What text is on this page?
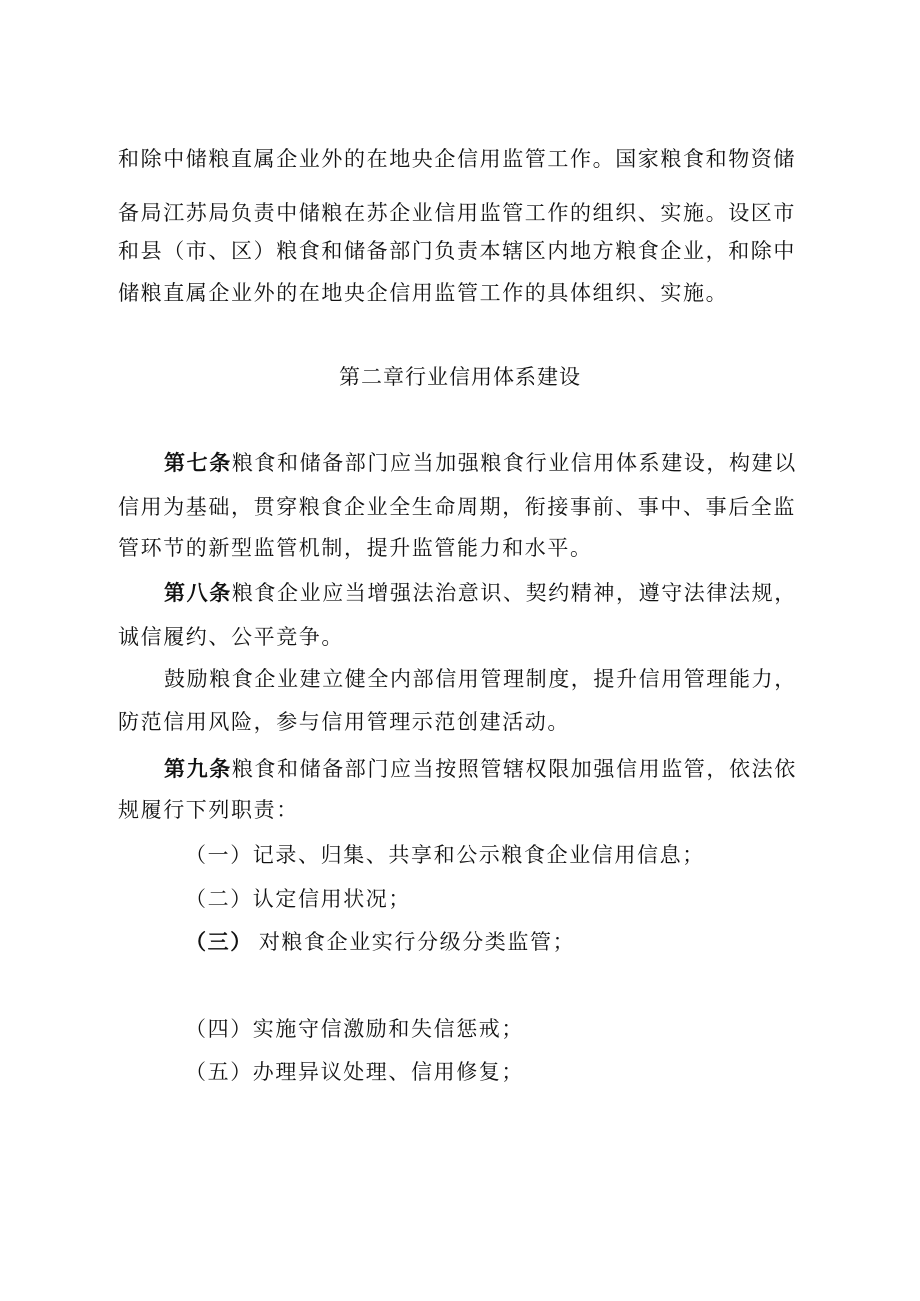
和除中储粮直属企业外的在地央企信用监管工作。国家粮食和物资储
备局江苏局负责中储粮在苏企业信用监管工作的组织、实施。设区市
和县（市、区）粮食和储备部门负责本辖区内地方粮食企业，和除中
储粮直属企业外的在地央企信用监管工作的具体组织、实施。
第二章行业信用体系建设
第七条粮食和储备部门应当加强粮食行业信用体系建设，构建以
信用为基础，贯穿粮食企业全生命周期，衔接事前、事中、事后全监
管环节的新型监管机制，提升监管能力和水平。
第八条粮食企业应当增强法治意识、契约精神，遵守法律法规，
诚信履约、公平竞争。
鼓励粮食企业建立健全内部信用管理制度，提升信用管理能力，
防范信用风险，参与信用管理示范创建活动。
第九条粮食和储备部门应当按照管辖权限加强信用监管，依法依
规履行下列职责：
（一）记录、归集、共享和公示粮食企业信用信息；
（二）认定信用状况；
（三） 对粮食企业实行分级分类监管；
（四）实施守信激励和失信惩戒；
（五）办理异议处理、信用修复；
